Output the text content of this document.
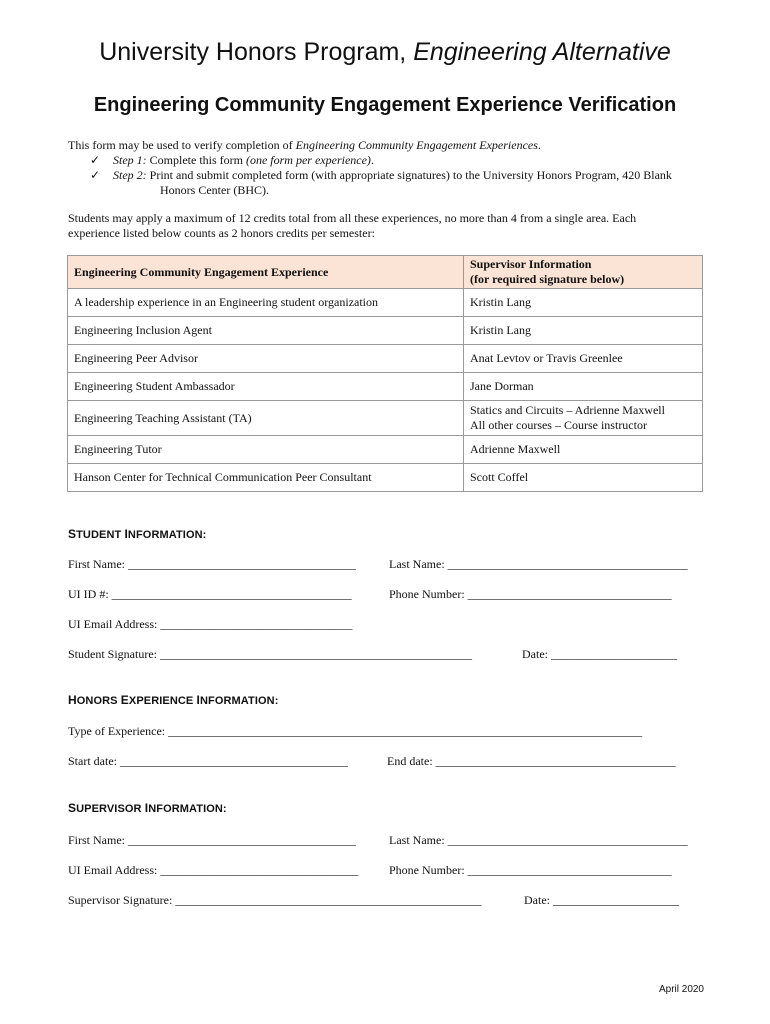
University Honors Program, Engineering Alternative
Engineering Community Engagement Experience Verification
This form may be used to verify completion of Engineering Community Engagement Experiences.
✓ Step 1: Complete this form (one form per experience).
✓ Step 2: Print and submit completed form (with appropriate signatures) to the University Honors Program, 420 Blank
Honors Center (BHC).
Students may apply a maximum of 12 credits total from all these experiences, no more than 4 from a single area. Each
experience listed below counts as 2 honors credits per semester:
Engineering Community Engagement Experience	Supervisor Information
(for required signature below)

A leadership experience in an Engineering student organization	Kristin Lang
Engineering Inclusion Agent	Kristin Lang
Engineering Peer Advisor	Anat Levtov or Travis Greenlee
Engineering Student Ambassador	Jane Dorman
Engineering Teaching Assistant (TA)	Statics and Circuits – Adrienne Maxwell
All other courses – Course instructor

Engineering Tutor	Adrienne Maxwell
Hanson Center for Technical Communication Peer Consultant	Scott Coffel
STUDENT INFORMATION:
First Name: ______________________________________	Last Name: ________________________________________
UI ID #: ________________________________________	Phone Number: __________________________________
UI Email Address: ________________________________
Student Signature: ____________________________________________________	Date: _____________________
HONORS EXPERIENCE INFORMATION:
Type of Experience: _______________________________________________________________________________
Start date: ______________________________________	End date: ________________________________________
SUPERVISOR INFORMATION:
First Name: ______________________________________	Last Name: ________________________________________
UI Email Address: _________________________________	Phone Number: __________________________________
Supervisor Signature: ___________________________________________________	Date: _____________________
April 2020
